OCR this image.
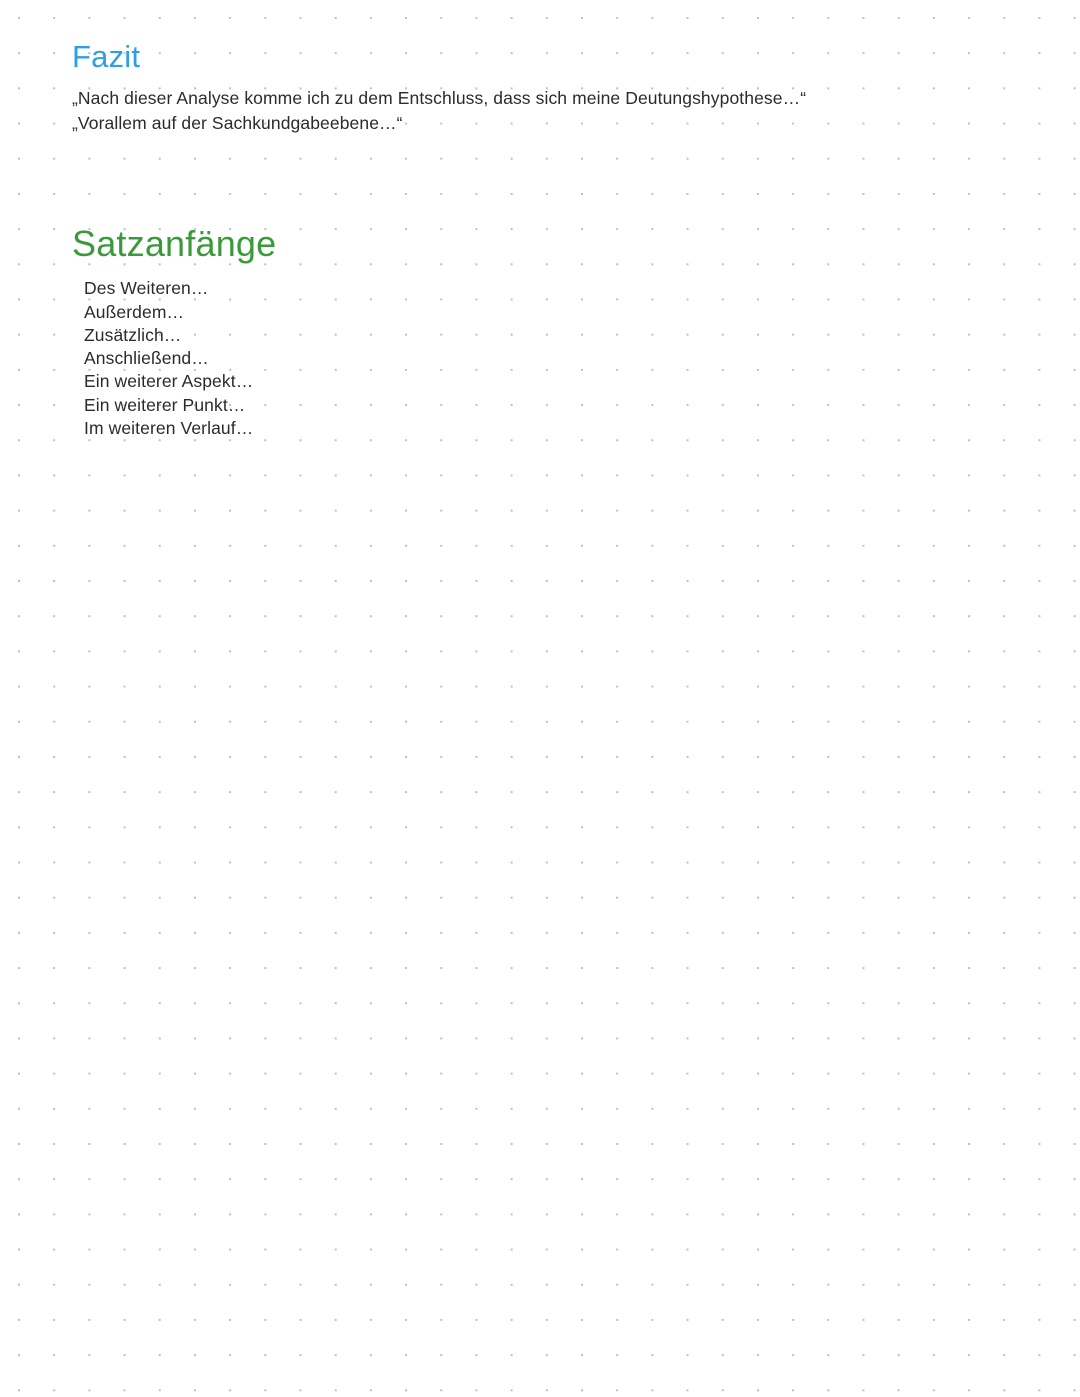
Fazit

„Nach dieser Analyse komme ich zu dem Entschluss, dass sich meine Deutungshypothese…“

„Vorallem auf der Sachkundgabeebene…“

Satzanfänge
Des Weiteren…
Außerdem…
Zusätzlich…
Anschließend…
Ein weiterer Aspekt…
Ein weiterer Punkt…
Im weiteren Verlauf…
